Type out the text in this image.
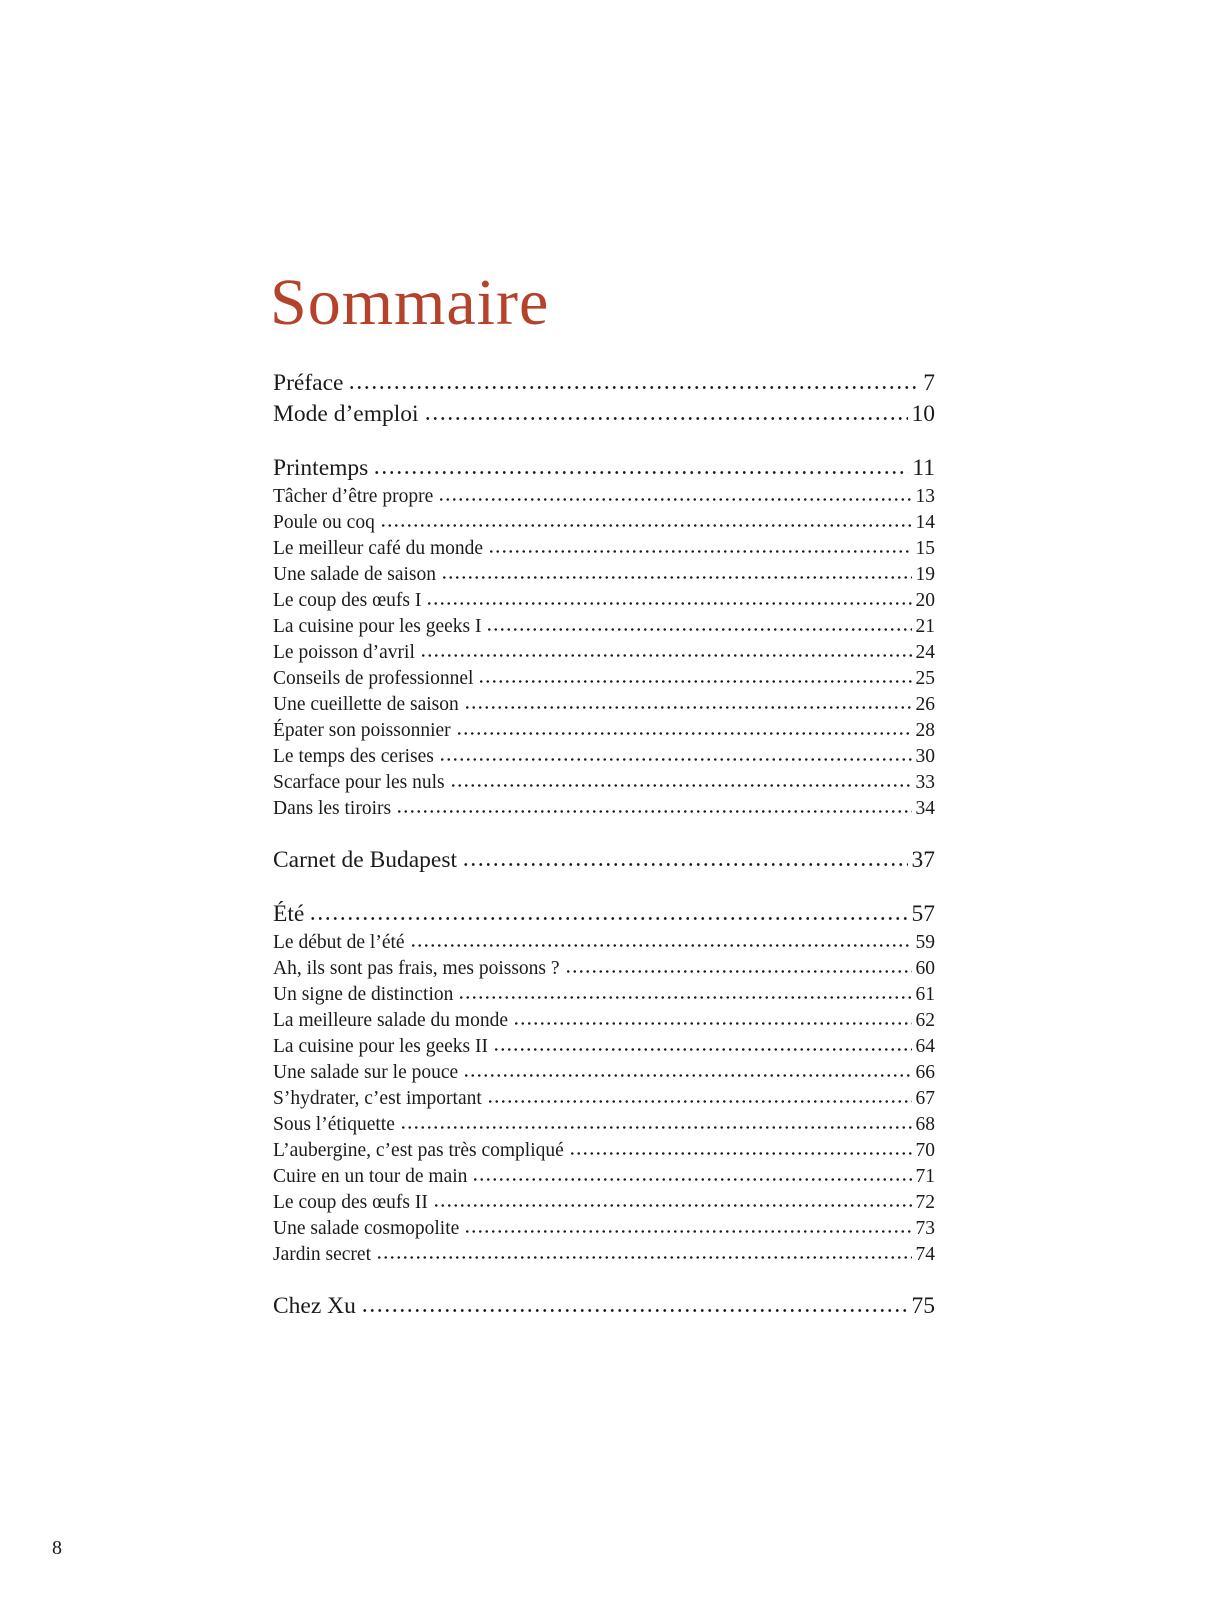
Sommaire
Préface	7
Mode d’emploi	10
Printemps	11
Tâcher d’être propre	13
Poule ou coq	14
Le meilleur café du monde	15
Une salade de saison	19
Le coup des œufs I	20
La cuisine pour les geeks I	21
Le poisson d’avril	24
Conseils de professionnel	25
Une cueillette de saison	26
Épater son poissonnier	28
Le temps des cerises	30
Scarface pour les nuls	33
Dans les tiroirs	34
Carnet de Budapest	37
Été	57
Le début de l’été	59
Ah, ils sont pas frais, mes poissons ?	60
Un signe de distinction	61
La meilleure salade du monde	62
La cuisine pour les geeks II	64
Une salade sur le pouce	66
S’hydrater, c’est important	67
Sous l’étiquette	68
L’aubergine, c’est pas très compliqué	70
Cuire en un tour de main	71
Le coup des œufs II	72
Une salade cosmopolite	73
Jardin secret	74
Chez Xu	75
8
